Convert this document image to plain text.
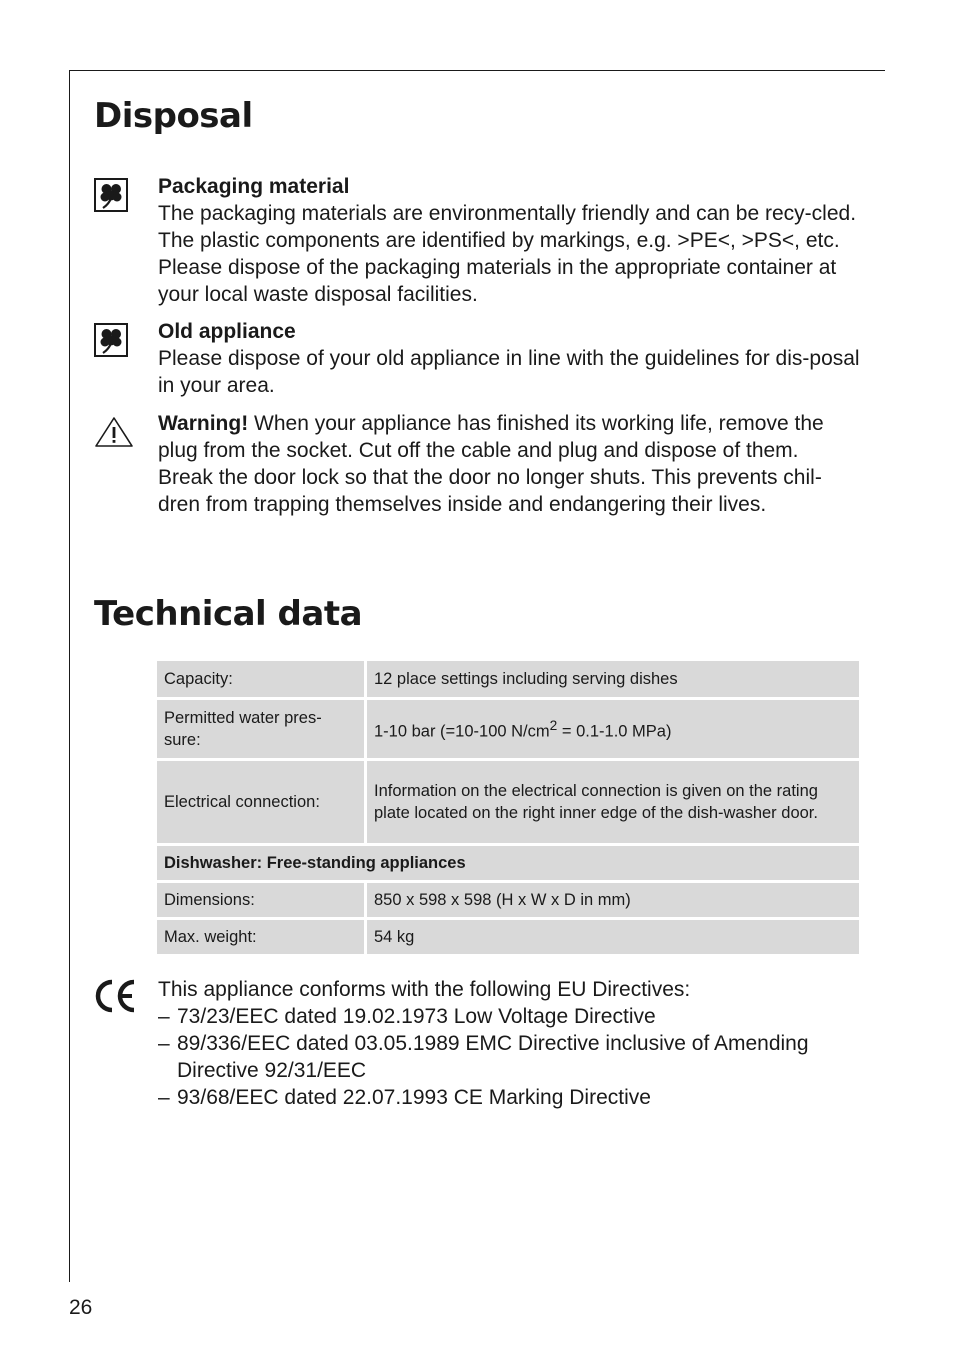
Disposal

Packaging material

The packaging materials are environmentally friendly and can be recy-cled. The plastic components are identified by markings, e.g. >PE<, >PS<, etc. Please dispose of the packaging materials in the appropriate container at your local waste disposal facilities.

Old appliance

Please dispose of your old appliance in line with the guidelines for dis-posal in your area.

Warning! When your appliance has finished its working life, remove the plug from the socket. Cut off the cable and plug and dispose of them.

Break the door lock so that the door no longer shuts. This prevents chil-dren from trapping themselves inside and endangering their lives.

Technical data
Capacity:	12 place settings including serving dishes
Permitted water pres-sure:	1-10 bar (=10-100 $N/cm^2 = 0.1-1.0$ MPa)
Electrical connection:	Information on the electrical connection is given on the rating plate located on the right inner edge of the dish-washer door.
Dishwasher: Free-standing appliances	
Dimensions:	850 x 598 x 598 (H x W x D in mm)
Max. weight:	54 kg

This appliance conforms with the following EU Directives:

– 73/23/EEC dated 19.02.1973 Low Voltage Directive
– 89/336/EEC dated 03.05.1989 EMC Directive inclusive of Amending Directive 92/31/EEC
– 93/68/EEC dated 22.07.1993 CE Marking Directive
26
